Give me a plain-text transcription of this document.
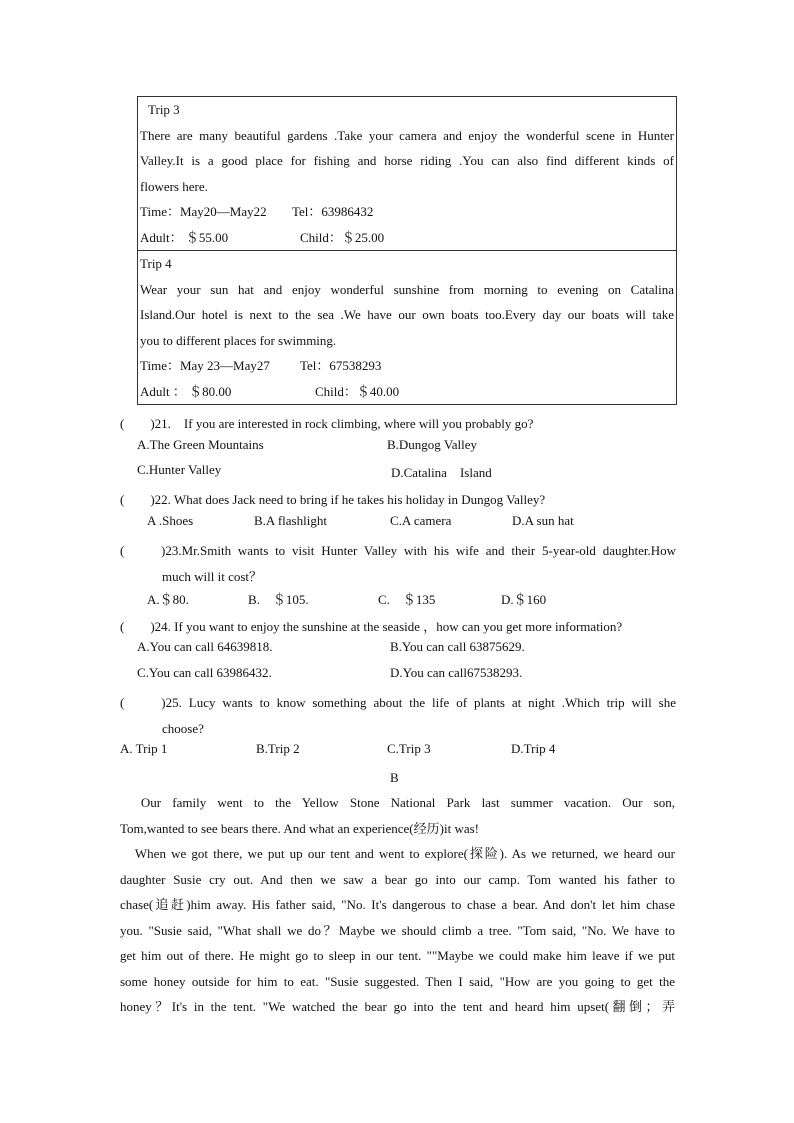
Trip 3
There are many beautiful gardens .Take your camera and enjoy the wonderful scene in Hunter
Valley.It is a good place for fishing and horse riding .You can also find different kinds of
flowers here.
Time：May20—May22 Tel：63986432
Adult： ＄55.00	Child：＄25.00
Trip 4
Wear your sun hat and enjoy wonderful sunshine from morning to evening on Catalina
Island.Our hotel is next to the sea .We have our own boats too.Every day our boats will take
you to different places for swimming.
Time：May 23—May27 Tel：67538293
Adult ： ＄80.00	Child：＄40.00
(　　)21.　If you are interested in rock climbing, where will you probably go?
A.The Green Mountains	B.Dungog Valley
C.Hunter Valley	D.Catalina　Island
(　　)22. What does Jack need to bring if he takes his holiday in Dungog Valley?
A .Shoes	B.A flashlight	C.A camera	D.A sun hat
(　　)23.Mr.Smith wants to visit Hunter Valley with his wife and their 5-year-old daughter.How
much will it cost？
A.＄80.	B.　＄105.	C.　＄135	D.＄160
(　　)24. If you want to enjoy the sunshine at the seaside ，how can you get more information?
A.You can call 64639818.	B.You can call 63875629.
C.You can call 63986432.	D.You can call67538293.
(　　)25. Lucy wants to know something about the life of plants at night .Which trip will she
choose?
A. Trip 1	B.Trip 2	C.Trip 3	D.Trip 4
B
　Our family went to the Yellow Stone National Park last summer vacation. Our son,
Tom,wanted to see bears there. And what an experience(经历)it was!
　When we got there, we put up our tent and went to explore(探险). As we returned, we heard our
daughter Susie cry out. And then we saw a bear go into our camp. Tom wanted his father to
chase(追赶)him away. His father said, "No. It's dangerous to chase a bear. And don't let him chase
you. "Susie said, "What shall we do？Maybe we should climb a tree. "Tom said, "No. We have to
get him out of there. He might go to sleep in our tent. ""Maybe we could make him leave if we put
some honey outside for him to eat. "Susie suggested. Then I said, "How are you going to get the
honey？It's in the tent. "We watched the bear go into the tent and heard him upset(翻倒；弄
